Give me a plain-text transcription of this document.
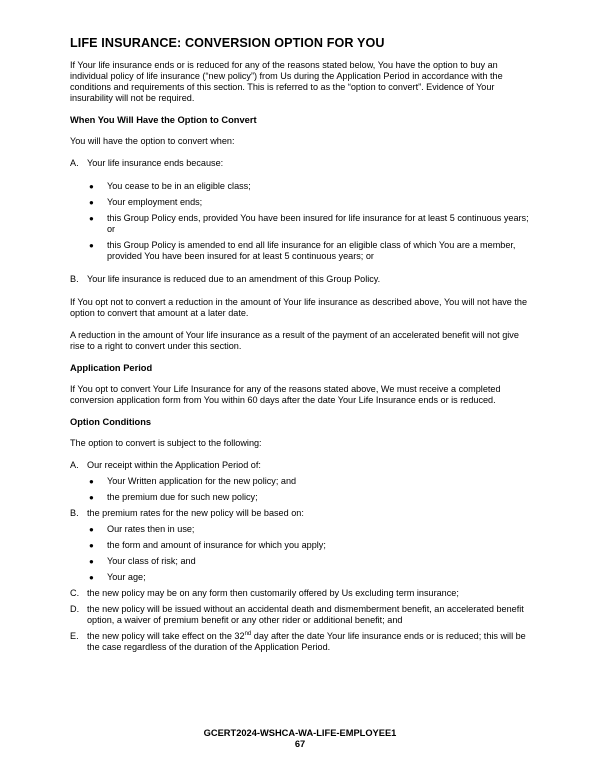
LIFE INSURANCE: CONVERSION OPTION FOR YOU

If Your life insurance ends or is reduced for any of the reasons stated below, You have the option to buy an individual policy of life insurance (“new policy”) from Us during the Application Period in accordance with the conditions and requirements of this section. This is referred to as the “option to convert”. Evidence of Your insurability will not be required.

When You Will Have the Option to Convert

You will have the option to convert when:

A. Your life insurance ends because:
●	You cease to be in an eligible class;
●	Your employment ends;
●	this Group Policy ends, provided You have been insured for life insurance for at least 5 continuous years; or
●	this Group Policy is amended to end all life insurance for an eligible class of which You are a member, provided You have been insured for at least 5 continuous years; or
B. Your life insurance is reduced due to an amendment of this Group Policy.

If You opt not to convert a reduction in the amount of Your life insurance as described above, You will not have the option to convert that amount at a later date.

A reduction in the amount of Your life insurance as a result of the payment of an accelerated benefit will not give rise to a right to convert under this section.

Application Period

If You opt to convert Your Life Insurance for any of the reasons stated above, We must receive a completed conversion application form from You within 60 days after the date Your Life Insurance ends or is reduced.

Option Conditions

The option to convert is subject to the following:

A. Our receipt within the Application Period of:
●	Your Written application for the new policy; and
●	the premium due for such new policy;
B. the premium rates for the new policy will be based on:
●	Our rates then in use;
●	the form and amount of insurance for which you apply;
●	Your class of risk; and
●	Your age;
C. the new policy may be on any form then customarily offered by Us excluding term insurance;
D. the new policy will be issued without an accidental death and dismemberment benefit, an accelerated benefit option, a waiver of premium benefit or any other rider or additional benefit; and
E. the new policy will take effect on the 32nd day after the date Your life insurance ends or is reduced; this will be the case regardless of the duration of the Application Period.
GCERT2024-WSHCA-WA-LIFE-EMPLOYEE1
67
